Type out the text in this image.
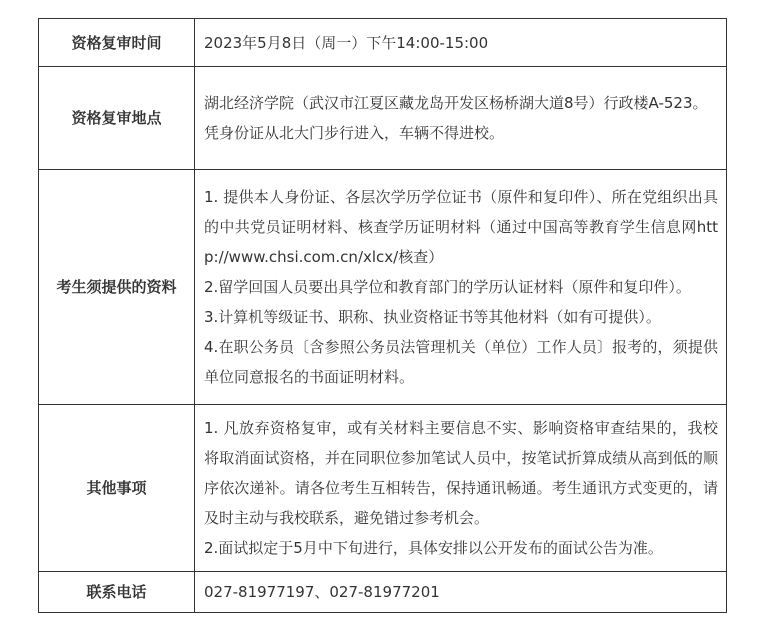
资格复审时间	2023年5月8日（周一）下午14:00-15:00

资格复审地点	湖北经济学院（武汉市江夏区藏龙岛开发区杨桥湖大道8号）行政楼A-523。

凭身份证从北大门步行进入，车辆不得进校。

考生须提供的资料	1. 提供本人身份证、各层次学历学位证书（原件和复印件）、所在党组织出具的中共党员证明材料、核查学历证明材料（通过中国高等教育学生信息网http://www.chsi.com.cn/xlcx/核查）

2.留学回国人员要出具学位和教育部门的学历认证材料（原件和复印件）。

3.计算机等级证书、职称、执业资格证书等其他材料（如有可提供）。

4.在职公务员〔含参照公务员法管理机关（单位）工作人员〕报考的，须提供单位同意报名的书面证明材料。

其他事项	1. 凡放弃资格复审，或有关材料主要信息不实、影响资格审查结果的，我校将取消面试资格，并在同职位参加笔试人员中，按笔试折算成绩从高到低的顺序依次递补。请各位考生互相转告，保持通讯畅通。考生通讯方式变更的，请及时主动与我校联系，避免错过参考机会。

2.面试拟定于5月中下旬进行，具体安排以公开发布的面试公告为准。

联系电话	027-81977197、027-81977201
